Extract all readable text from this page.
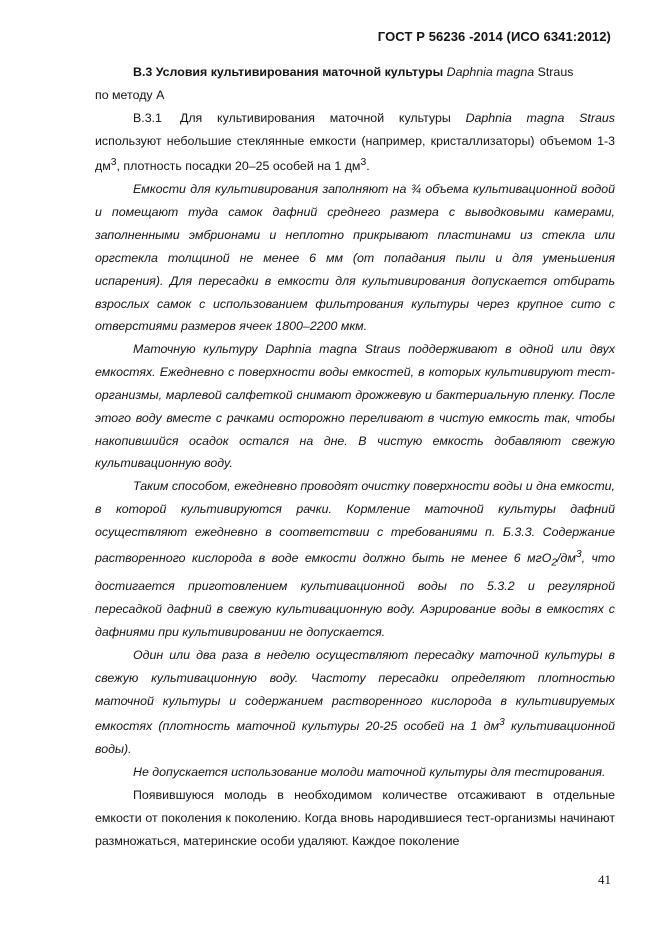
ГОСТ Р 56236 -2014 (ИСО 6341:2012)

В.3 Условия культивирования маточной культуры Daphnia magna Straus

по методу А

В.3.1 Для культивирования маточной культуры Daphnia magna Straus используют небольшие стеклянные емкости (например, кристаллизаторы) объемом 1-3 $дм^3$, плотность посадки 20–25 особей на 1 $дм^3$.

Емкости для культивирования заполняют на ¾ объема культивационной водой и помещают туда самок дафний среднего размера с выводковыми камерами, заполненными эмбрионами и неплотно прикрывают пластинами из стекла или оргстекла толщиной не менее 6 мм (от попадания пыли и для уменьшения испарения). Для пересадки в емкости для культивирования допускается отбирать взрослых самок с использованием фильтрования культуры через крупное сито с отверстиями размеров ячеек 1800–2200 мкм.

Маточную культуру Daphnia magna Straus поддерживают в одной или двух емкостях. Ежедневно с поверхности воды емкостей, в которых культивируют тест-организмы, марлевой салфеткой снимают дрожжевую и бактериальную пленку. После этого воду вместе с рачками осторожно переливают в чистую емкость так, чтобы накопившийся осадок остался на дне. В чистую емкость добавляют свежую культивационную воду.

Таким способом, ежедневно проводят очистку поверхности воды и дна емкости, в которой культивируются рачки. Кормление маточной культуры дафний осуществляют ежедневно в соответствии с требованиями п. Б.3.3. Содержание растворенного кислорода в воде емкости должно быть не менее 6 $мгO_2/дм^3$, что достигается приготовлением культивационной воды по 5.3.2 и регулярной пересадкой дафний в свежую культивационную воду. Аэрирование воды в емкостях с дафниями при культивировании не допускается.

Один или два раза в неделю осуществляют пересадку маточной культуры в свежую культивационную воду. Частоту пересадки определяют плотностью маточной культуры и содержанием растворенного кислорода в культивируемых емкостях (плотность маточной культуры 20-25 особей на 1 $дм^3$ культивационной воды).

Не допускается использование молоди маточной культуры для тестирования.

Появившуюся молодь в необходимом количестве отсаживают в отдельные емкости от поколения к поколению. Когда вновь народившиеся тест-организмы начинают размножаться, материнские особи удаляют. Каждое поколение

41
